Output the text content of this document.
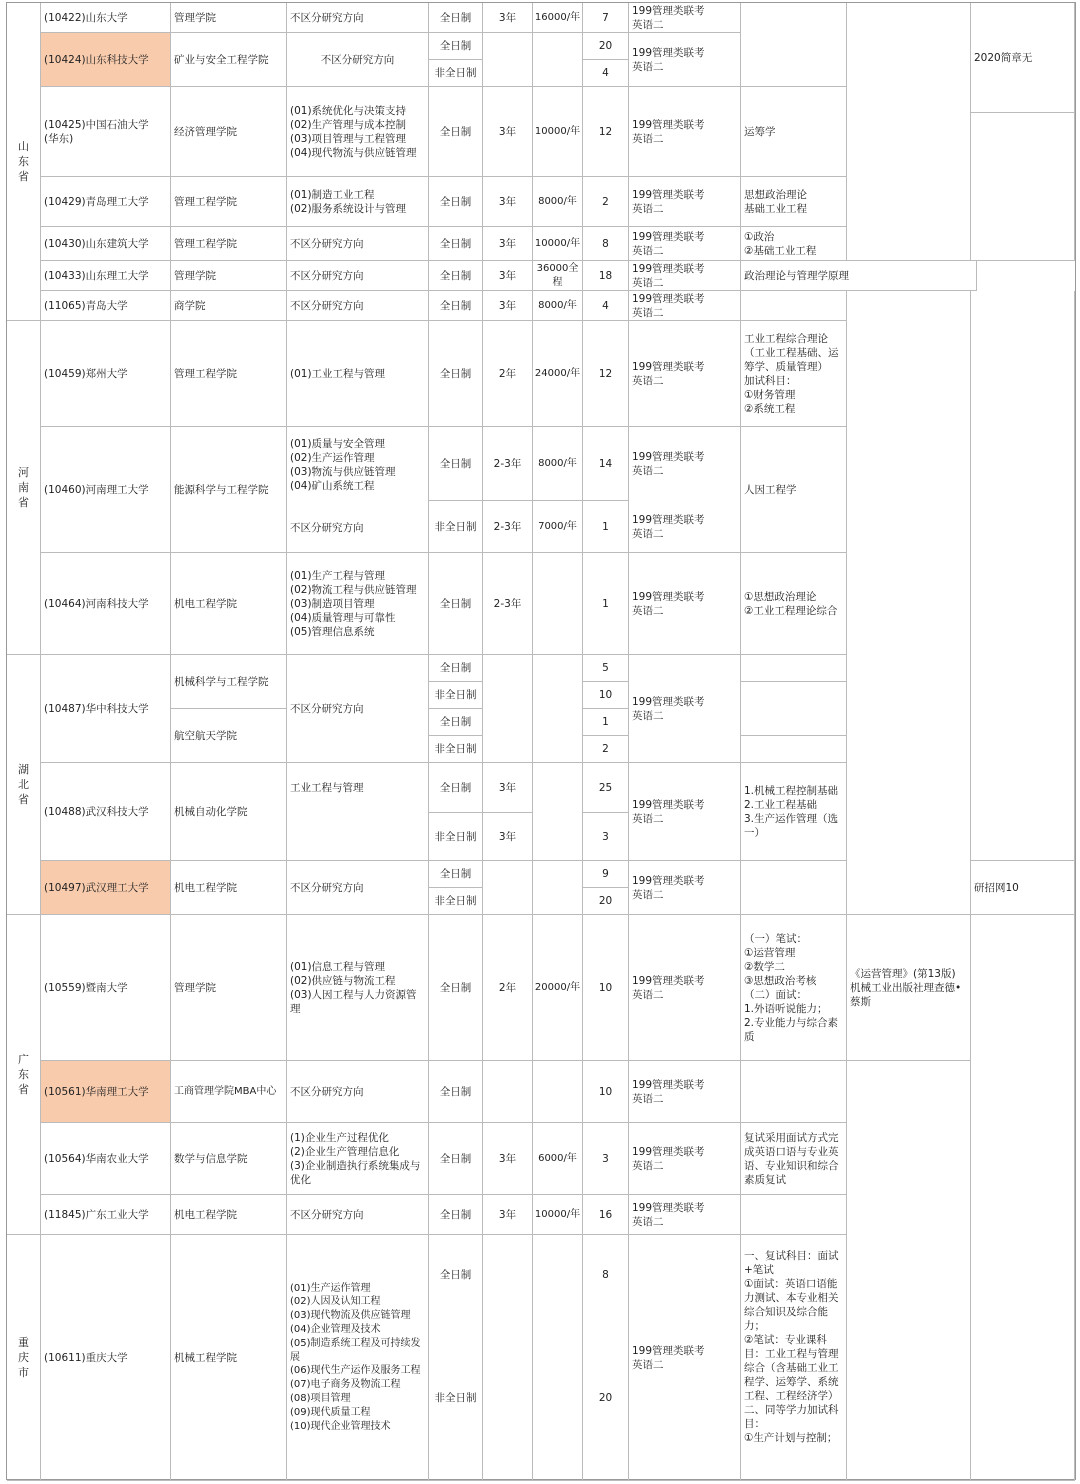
山
东
省
河
南
省
湖
北
省
广
东
省
重
庆
市
(10422)山东大学
(10424)山东科技大学
(10425)中国石油大学
(华东)
(10429)青岛理工大学
(10430)山东建筑大学
(10433)山东理工大学
(11065)青岛大学
(10459)郑州大学
(10460)河南理工大学
(10464)河南科技大学
(10487)华中科技大学
(10488)武汉科技大学
(10497)武汉理工大学
(10559)暨南大学
(10561)华南理工大学
(10564)华南农业大学
(11845)广东工业大学
(10611)重庆大学
管理学院
矿业与安全工程学院
经济管理学院
管理工程学院
管理工程学院
管理学院
商学院
管理工程学院
能源科学与工程学院
机电工程学院
机械科学与工程学院
航空航天学院
机械自动化学院
机电工程学院
管理学院
工商管理学院MBA中心
数学与信息学院
机电工程学院
机械工程学院
不区分研究方向
不区分研究方向
(01)系统优化与决策支持
(02)生产管理与成本控制
(03)项目管理与工程管理
(04)现代物流与供应链管理
(01)制造工业工程
(02)服务系统设计与管理
不区分研究方向
不区分研究方向
不区分研究方向
(01)工业工程与管理
(01)质量与安全管理
(02)生产运作管理
(03)物流与供应链管理
(04)矿山系统工程
不区分研究方向
(01)生产工程与管理
(02)物流工程与供应链管理
(03)制造项目管理
(04)质量管理与可靠性
(05)管理信息系统
不区分研究方向
工业工程与管理
不区分研究方向
(01)信息工程与管理
(02)供应链与物流工程
(03)人因工程与人力资源管理
不区分研究方向
(1)企业生产过程优化
(2)企业生产管理信息化
(3)企业制造执行系统集成与优化
不区分研究方向
(01)生产运作管理
(02)人因及认知工程
(03)现代物流及供应链管理
(04)企业管理及技术
(05)制造系统工程及可持续发展
(06)现代生产运作及服务工程
(07)电子商务及物流工程
(08)项目管理
(09)现代质量工程
(10)现代企业管理技术
全日制
全日制
非全日制
全日制
全日制
全日制
全日制
全日制
全日制
全日制
非全日制
全日制
全日制
非全日制
全日制
非全日制
全日制
非全日制
全日制
非全日制
全日制
全日制
全日制
全日制
全日制
非全日制
3年
3年
3年
3年
3年
3年
2年
2-3年
2-3年
2-3年
3年
3年
2年
3年
3年
16000/年
10000/年
8000/年
10000/年
36000全程
8000/年
24000/年
8000/年
7000/年
20000/年
6000/年
10000/年
7
20
4
12
2
8
18
4
12
14
1
1
5
10
1
2
25
3
9
20
10
10
3
16
8
20
199管理类联考
英语二
199管理类联考
英语二
199管理类联考
英语二
199管理类联考
英语二
199管理类联考
英语二
199管理类联考
英语二
199管理类联考
英语二
199管理类联考
英语二
199管理类联考
英语二
199管理类联考
英语二
199管理类联考
英语二
199管理类联考
英语二
199管理类联考
英语二
199管理类联考
英语二
199管理类联考
英语二
199管理类联考
英语二
199管理类联考
英语二
199管理类联考
英语二
199管理类联考
英语二
运筹学
思想政治理论
基础工业工程
①政治
②基础工业工程
政治理论与管理学原理
工业工程综合理论（工业工程基础、运筹学、质量管理）
加试科目：
①财务管理
②系统工程
人因工程学
①思想政治理论
②工业工程理论综合
1.机械工程控制基础
2.工业工程基础
3.生产运作管理（选一）
（一）笔试：
①运营管理
②数学二
③思想政治考核
（二）面试：
1.外语听说能力；
2.专业能力与综合素质
复试采用面试方式完成英语口语与专业英语、专业知识和综合素质复试
一、复试科目：面试+笔试
①面试：英语口语能力测试、本专业相关综合知识及综合能力；
②笔试：专业课科目：工业工程与管理综合（含基础工业工程学、运筹学、系统工程、工程经济学）
二、同等学力加试科目：
①生产计划与控制；
《运营管理》(第13版)
机械工业出版社理查德•蔡斯
2020简章无
研招网10
